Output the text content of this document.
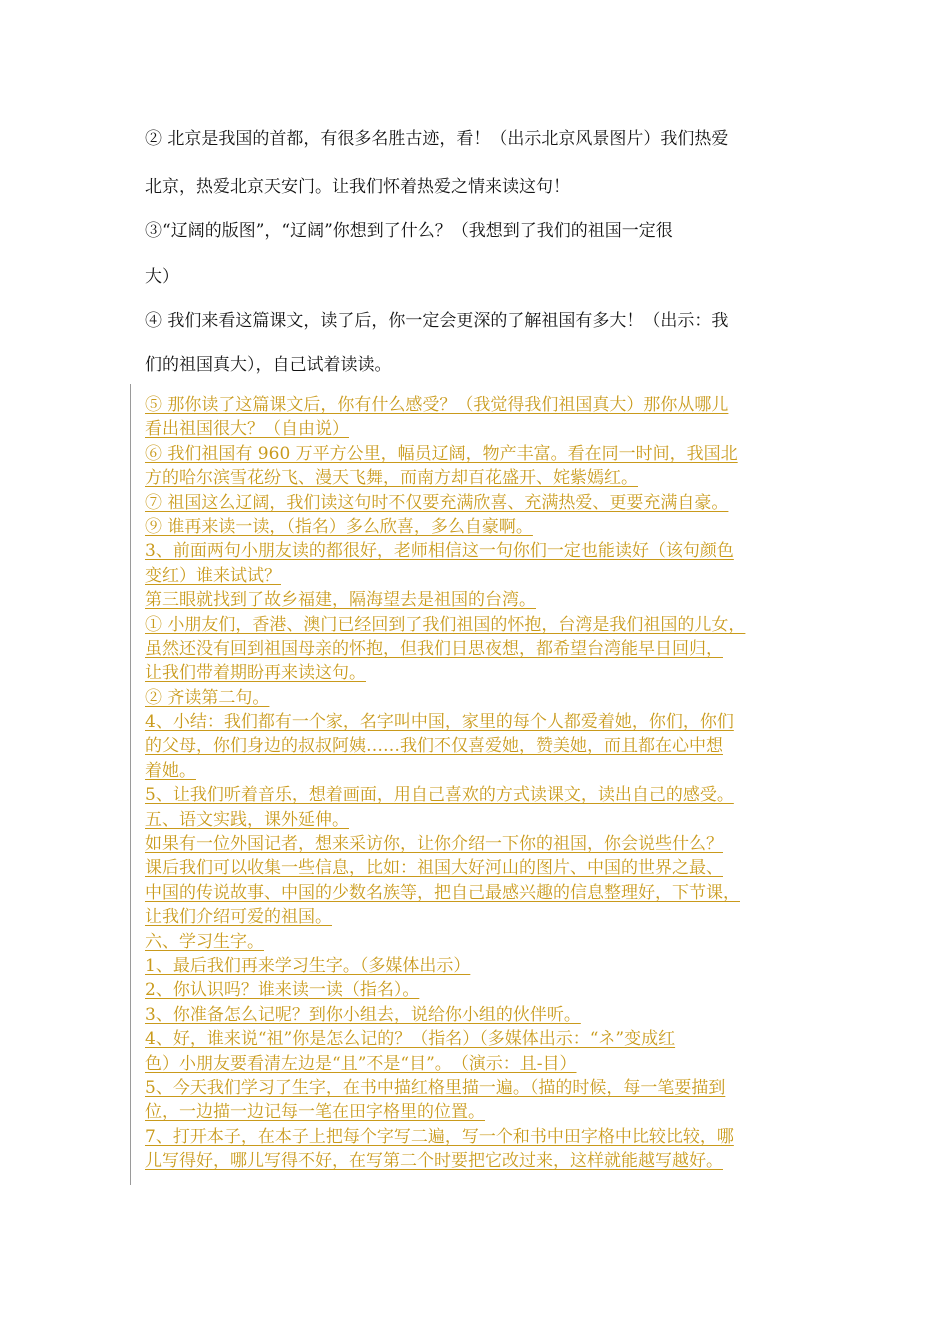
② 北京是我国的首都，有很多名胜古迹，看！（出示北京风景图片）我们热爱

北京，热爱北京天安门。让我们怀着热爱之情来读这句！

③“辽阔的版图”，“辽阔”你想到了什么？（我想到了我们的祖国一定很

大）

④ 我们来看这篇课文，读了后，你一定会更深的了解祖国有多大！（出示：我

们的祖国真大），自己试着读读。

⑤ 那你读了这篇课文后，你有什么感受？（我觉得我们祖国真大）那你从哪儿

看出祖国很大？（自由说）

⑥ 我们祖国有 960 万平方公里，幅员辽阔，物产丰富。看在同一时间，我国北

方的哈尔滨雪花纷飞、漫天飞舞，而南方却百花盛开、姹紫嫣红。

⑦ 祖国这么辽阔，我们读这句时不仅要充满欣喜、充满热爱、更要充满自豪。

⑨ 谁再来读一读，（指名）多么欣喜，多么自豪啊。

3、前面两句小朋友读的都很好，老师相信这一句你们一定也能读好（该句颜色

变红）谁来试试？

第三眼就找到了故乡福建，隔海望去是祖国的台湾。

① 小朋友们，香港、澳门已经回到了我们祖国的怀抱，台湾是我们祖国的儿女，

虽然还没有回到祖国母亲的怀抱，但我们日思夜想，都希望台湾能早日回归，

让我们带着期盼再来读这句。

② 齐读第二句。

4、小结：我们都有一个家，名字叫中国，家里的每个人都爱着她，你们，你们

的父母，你们身边的叔叔阿姨……我们不仅喜爱她，赞美她，而且都在心中想

着她。

5、让我们听着音乐，想着画面，用自己喜欢的方式读课文，读出自己的感受。

五、语文实践，课外延伸。

如果有一位外国记者，想来采访你，让你介绍一下你的祖国，你会说些什么？

课后我们可以收集一些信息，比如：祖国大好河山的图片、中国的世界之最、

中国的传说故事、中国的少数名族等，把自己最感兴趣的信息整理好，下节课，

让我们介绍可爱的祖国。

六、学习生字。

1、最后我们再来学习生字。（多媒体出示）

2、你认识吗？谁来读一读（指名）。

3、你准备怎么记呢？到你小组去，说给你小组的伙伴听。

4、好，谁来说“祖”你是怎么记的？（指名）（多媒体出示：“ネ”变成红

色）小朋友要看清左边是“且”不是“目”。　（演示：且-目）

5、今天我们学习了生字，在书中描红格里描一遍。（描的时候，每一笔要描到

位，一边描一边记每一笔在田字格里的位置。

7、打开本子，在本子上把每个字写二遍，写一个和书中田字格中比较比较，哪

儿写得好，哪儿写得不好，在写第二个时要把它改过来，这样就能越写越好。
